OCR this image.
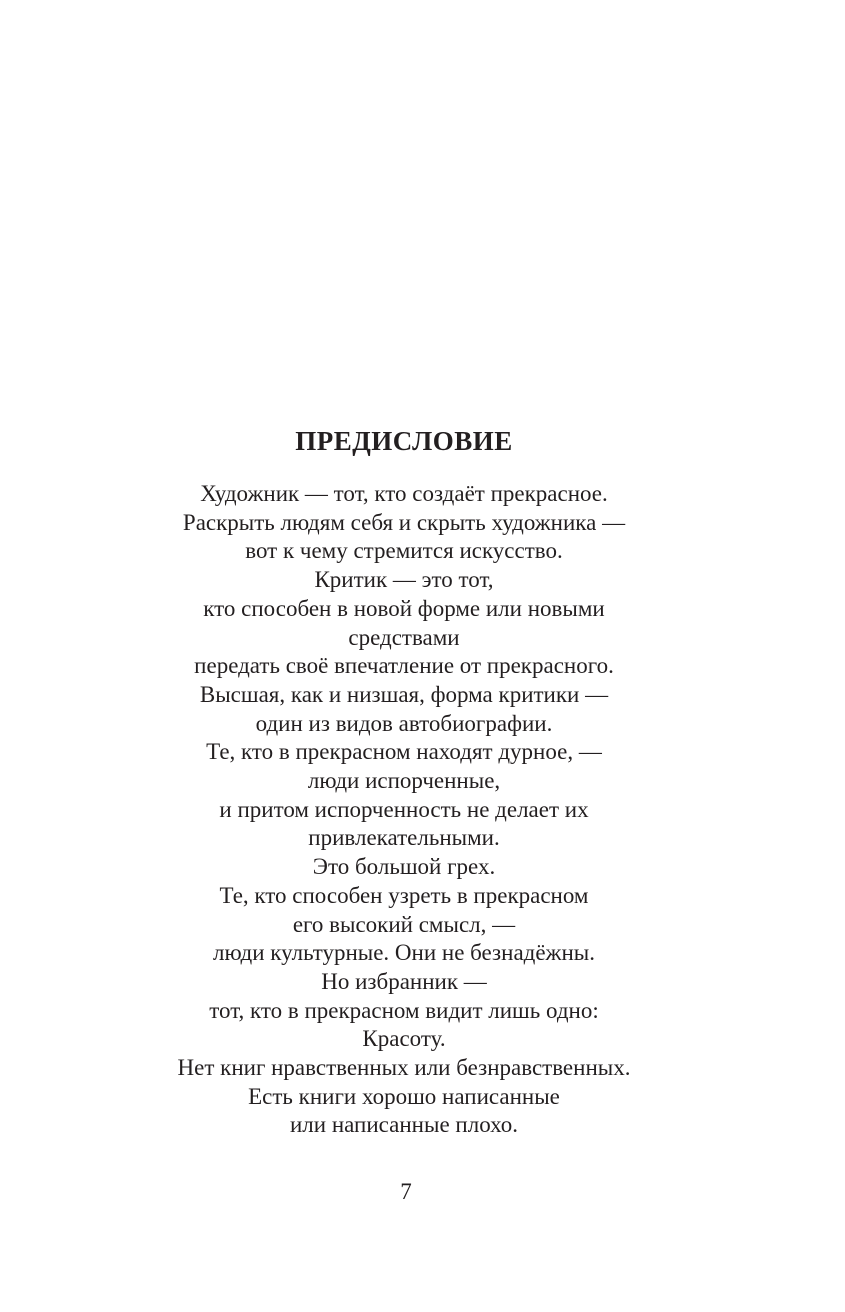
ПРЕДИСЛОВИЕ
Художник — тот, кто создаёт прекрасное.
Раскрыть людям себя и скрыть художника —
вот к чему стремится искусство.
Критик — это тот,
кто способен в новой форме или новыми
средствами
передать своё впечатление от прекрасного.
Высшая, как и низшая, форма критики —
один из видов автобиографии.
Те, кто в прекрасном находят дурное, —
люди испорченные,
и притом испорченность не делает их
привлекательными.
Это большой грех.
Те, кто способен узреть в прекрасном
его высокий смысл, —
люди культурные. Они не безнадёжны.
Но избранник —
тот, кто в прекрасном видит лишь одно:
Красоту.
Нет книг нравственных или безнравственных.
Есть книги хорошо написанные
или написанные плохо.
7
